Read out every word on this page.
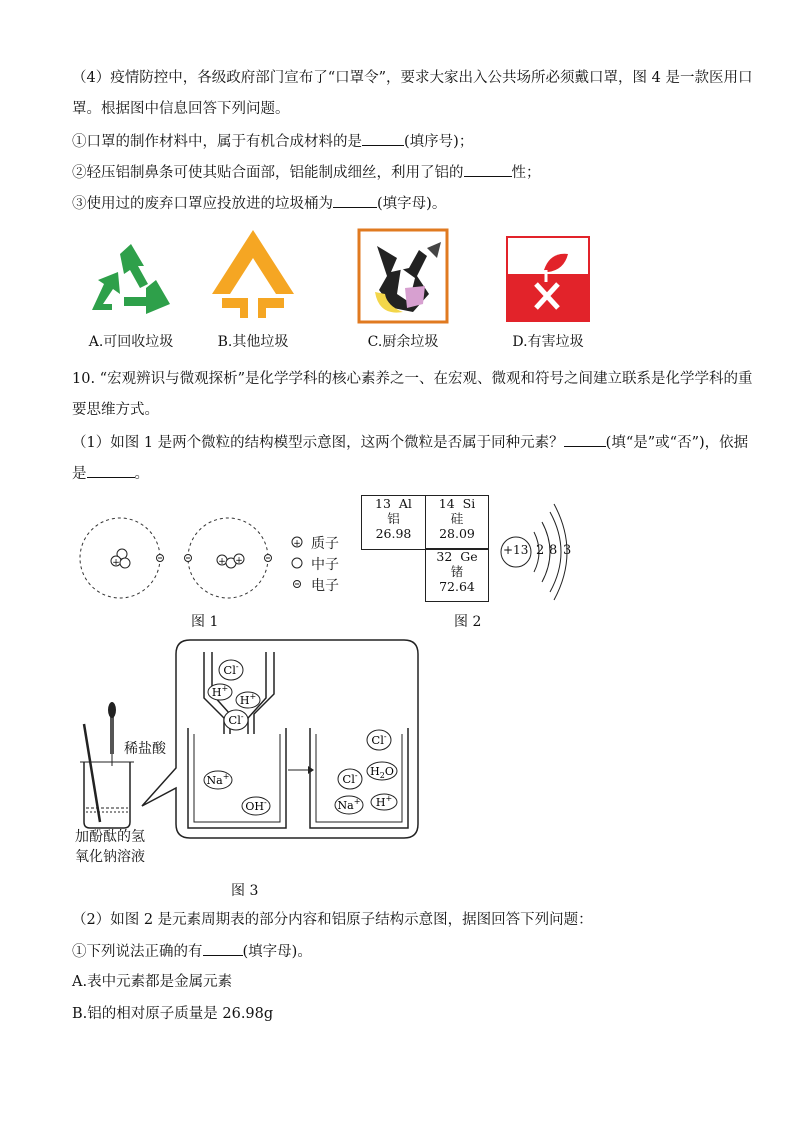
（4）疫情防控中，各级政府部门宣布了“口罩令”，要求大家出入公共场所必须戴口罩，图 4 是一款医用口
罩。根据图中信息回答下列问题。
①口罩的制作材料中，属于有机合成材料的是	(填序号)；
②轻压铝制鼻条可使其贴合面部，铝能制成细丝，利用了铝的	性；
③使用过的废弃口罩应投放进的垃圾桶为	(填字母)。
A.可回收垃圾	B.其他垃圾	C.厨余垃圾	D.有害垃圾
10. “宏观辨识与微观探析”是化学学科的核心素养之一、在宏观、微观和符号之间建立联系是化学学科的重
要思维方式。
（1）如图 1 是两个微粒的结构模型示意图，这两个微粒是否属于同种元素？	(填“是”或“否”)，依据
是	。
+	+ +
+ 质子
中子
电子
图 1
13 Al
铝
26.98
14 Si
硅
28.09
32 Ge
锗
72.64
+13 2 8 3
图 2
Cl-
H+
H+
Cl-
Na+
OH-
Cl-
$H_2O$
Cl-
Na+ H+
稀盐酸
加酚酞的氢
氧化钠溶液
图 3
（2）如图 2 是元素周期表的部分内容和铝原子结构示意图，据图回答下列问题：
①下列说法正确的有	(填字母)。
A.表中元素都是金属元素
B.铝的相对原子质量是 26.98g
